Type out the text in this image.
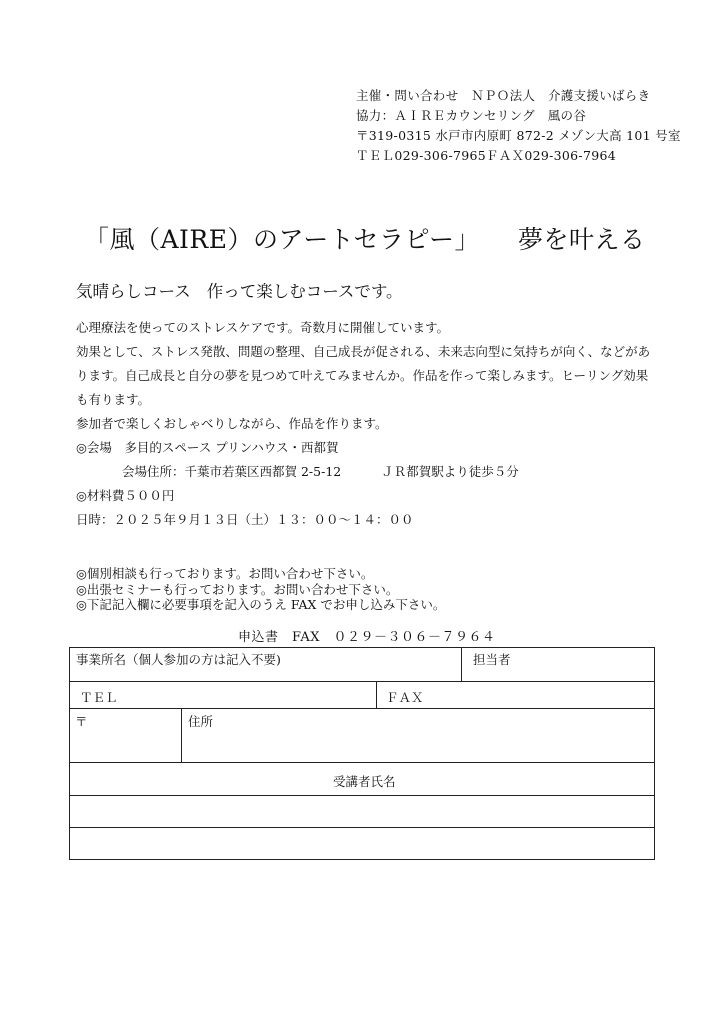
主催・問い合わせ　ＮＰＯ法人　介護支援いばらき
協力：ＡＩＲＥカウンセリング　風の谷
〒319-0315 水戸市内原町 872-2 メゾン大高 101 号室
ＴＥＬ029-306-7965ＦＡＸ029-306-7964
「風（AIRE）のアートセラピー」 夢を叶える
気晴らしコース 作って楽しむコースです。
心理療法を使ってのストレスケアです。奇数月に開催しています。
効果として、ストレス発散、問題の整理、自己成長が促される、未来志向型に気持ちが向く、などがあ
ります。自己成長と自分の夢を見つめて叶えてみませんか。作品を作って楽しみます。ヒーリング効果
も有ります。
参加者で楽しくおしゃべりしながら、作品を作ります。
◎会場　多目的スペース プリンハウス・西都賀
会場住所：千葉市若葉区西都賀 2-5-12	ＪＲ都賀駅より徒歩５分
◎材料費５００円
日時：２０２５年９月１３日（土）１３：００～１４：００
◎個別相談も行っております。お問い合わせ下さい。
◎出張セミナーも行っております。お問い合わせ下さい。
◎下記記入欄に必要事項を記入のうえ FAX でお申し込み下さい。
申込書　FAX　０２９－３０６－７９６４
事業所名（個人参加の方は記入不要)	担当者
ＴＥＬ	ＦＡＸ
〒	住所
受講者氏名
